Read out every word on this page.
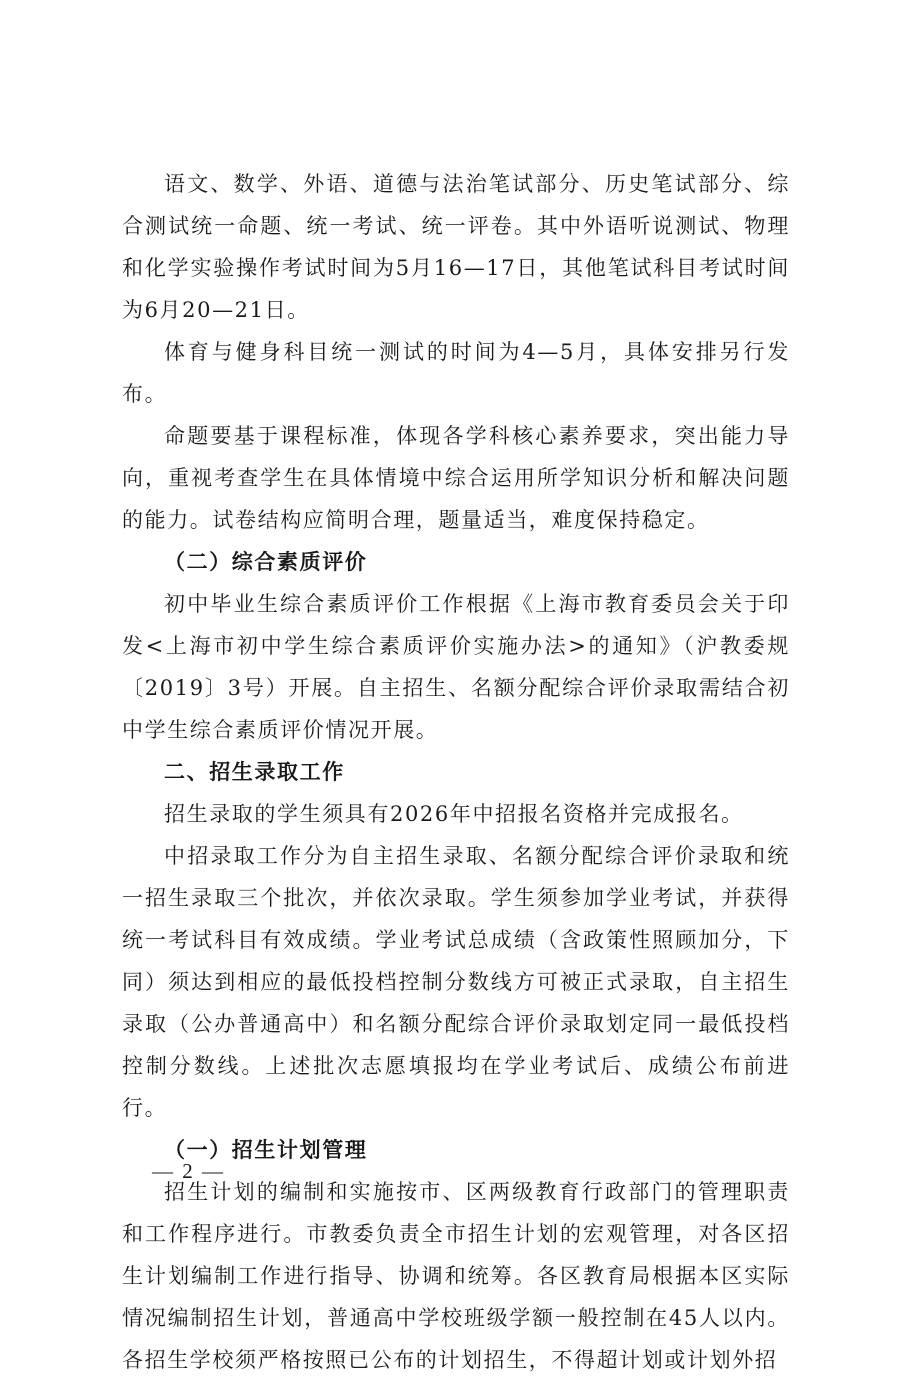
语文、数学、外语、道德与法治笔试部分、历史笔试部分、综合测试统一命题、统一考试、统一评卷。其中外语听说测试、物理和化学实验操作考试时间为5月16—17日，其他笔试科目考试时间为6月20—21日。

体育与健身科目统一测试的时间为4—5月，具体安排另行发布。

命题要基于课程标准，体现各学科核心素养要求，突出能力导向，重视考查学生在具体情境中综合运用所学知识分析和解决问题的能力。试卷结构应简明合理，题量适当，难度保持稳定。

（二）综合素质评价

初中毕业生综合素质评价工作根据《上海市教育委员会关于印发<上海市初中学生综合素质评价实施办法>的通知》（沪教委规〔2019〕3号）开展。自主招生、名额分配综合评价录取需结合初中学生综合素质评价情况开展。

二、招生录取工作

招生录取的学生须具有2026年中招报名资格并完成报名。

中招录取工作分为自主招生录取、名额分配综合评价录取和统一招生录取三个批次，并依次录取。学生须参加学业考试，并获得统一考试科目有效成绩。学业考试总成绩（含政策性照顾加分，下同）须达到相应的最低投档控制分数线方可被正式录取，自主招生录取（公办普通高中）和名额分配综合评价录取划定同一最低投档控制分数线。上述批次志愿填报均在学业考试后、成绩公布前进行。

（一）招生计划管理

招生计划的编制和实施按市、区两级教育行政部门的管理职责和工作程序进行。市教委负责全市招生计划的宏观管理，对各区招生计划编制工作进行指导、协调和统筹。各区教育局根据本区实际情况编制招生计划，普通高中学校班级学额一般控制在45人以内。各招生学校须严格按照已公布的计划招生，不得超计划或计划外招

— 2 —
